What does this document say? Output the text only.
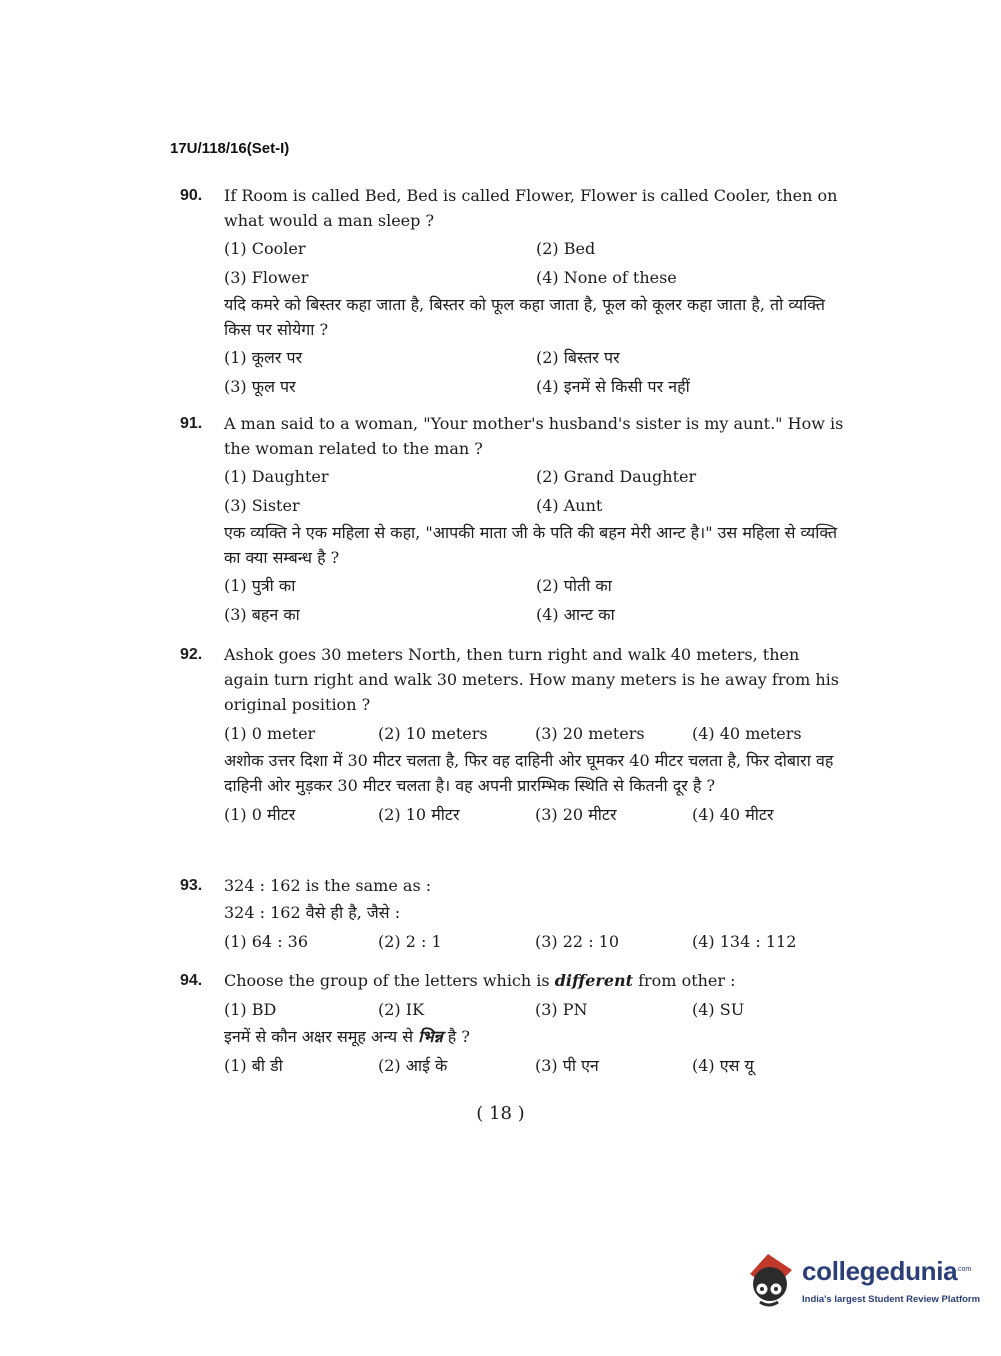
17U/118/16(Set-I)
90.	If Room is called Bed, Bed is called Flower, Flower is called Cooler, then on what would a man sleep ?
(1) Cooler	(2) Bed
(3) Flower	(4) None of these
यदि कमरे को बिस्तर कहा जाता है, बिस्तर को फूल कहा जाता है, फूल को कूलर कहा जाता है, तो व्यक्ति किस पर सोयेगा ?
(1) कूलर पर	(2) बिस्तर पर
(3) फूल पर	(4) इनमें से किसी पर नहीं
91.	A man said to a woman, "Your mother's husband's sister is my aunt." How is the woman related to the man ?
(1) Daughter	(2) Grand Daughter
(3) Sister	(4) Aunt
एक व्यक्ति ने एक महिला से कहा, "आपकी माता जी के पति की बहन मेरी आन्ट है।" उस महिला से व्यक्ति का क्या सम्बन्ध है ?
(1) पुत्री का	(2) पोती का
(3) बहन का	(4) आन्ट का
92.	Ashok goes 30 meters North, then turn right and walk 40 meters, then again turn right and walk 30 meters. How many meters is he away from his original position ?
(1) 0 meter	(2) 10 meters	(3) 20 meters	(4) 40 meters
अशोक उत्तर दिशा में 30 मीटर चलता है, फिर वह दाहिनी ओर घूमकर 40 मीटर चलता है, फिर दोबारा वह दाहिनी ओर मुड़कर 30 मीटर चलता है। वह अपनी प्रारम्भिक स्थिति से कितनी दूर है ?
(1) 0 मीटर	(2) 10 मीटर	(3) 20 मीटर	(4) 40 मीटर
93.	324 : 162 is the same as :
324 : 162 वैसे ही है, जैसे :
(1) 64 : 36	(2) 2 : 1	(3) 22 : 10	(4) 134 : 112
94.	Choose the group of the letters which is different from other :
(1) BD	(2) IK	(3) PN	(4) SU
इनमें से कौन अक्षर समूह अन्य से भिन्न है ?
(1) बी डी	(2) आई के	(3) पी एन	(4) एस यू
( 18 )
collegedunia
.com
India's largest Student Review Platform
